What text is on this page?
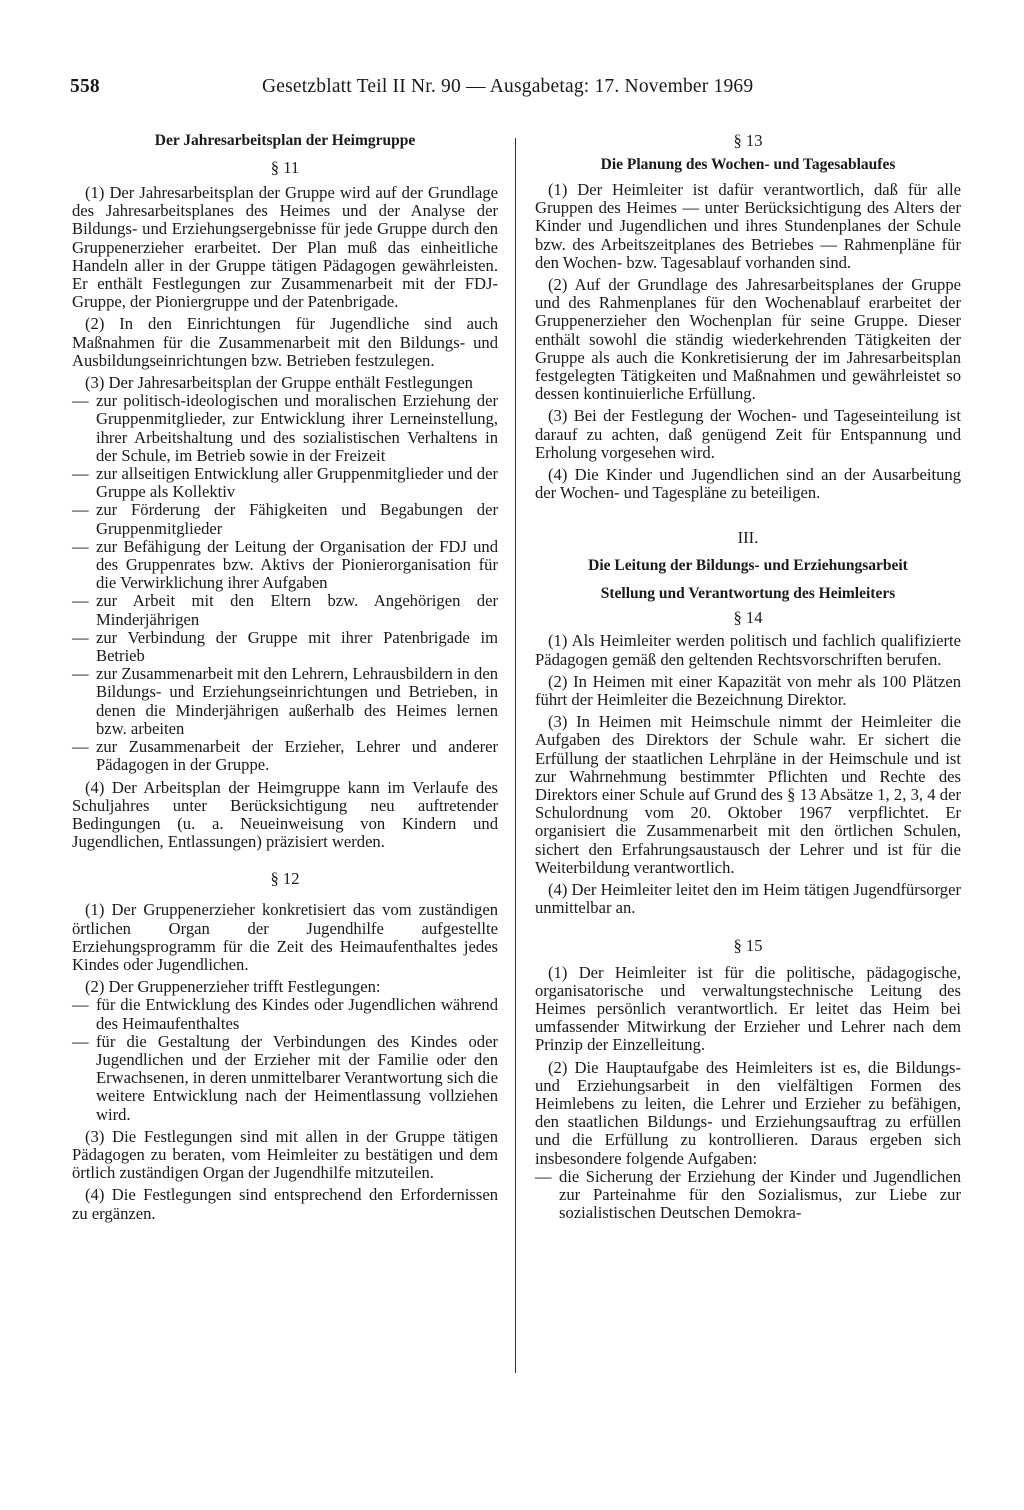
558	Gesetzblatt Teil II Nr. 90 — Ausgabetag: 17. November 1969

Der Jahresarbeitsplan der Heimgruppe

§ 11

(1) Der Jahresarbeitsplan der Gruppe wird auf der Grundlage des Jahresarbeitsplanes des Heimes und der Analyse der Bildungs- und Erziehungsergebnisse für jede Gruppe durch den Gruppenerzieher erarbeitet. Der Plan muß das einheitliche Handeln aller in der Gruppe tätigen Pädagogen gewährleisten. Er enthält Festlegungen zur Zusammenarbeit mit der FDJ-Gruppe, der Pioniergruppe und der Patenbrigade.

(2) In den Einrichtungen für Jugendliche sind auch Maßnahmen für die Zusammenarbeit mit den Bildungs- und Ausbildungseinrichtungen bzw. Betrieben festzulegen.

(3) Der Jahresarbeitsplan der Gruppe enthält Festlegungen

— zur politisch-ideologischen und moralischen Erziehung der Gruppenmitglieder, zur Entwicklung ihrer Lerneinstellung, ihrer Arbeitshaltung und des sozialistischen Verhaltens in der Schule, im Betrieb sowie in der Freizeit
— zur allseitigen Entwicklung aller Gruppenmitglieder und der Gruppe als Kollektiv
— zur Förderung der Fähigkeiten und Begabungen der Gruppenmitglieder
— zur Befähigung der Leitung der Organisation der FDJ und des Gruppenrates bzw. Aktivs der Pionierorganisation für die Verwirklichung ihrer Aufgaben
— zur Arbeit mit den Eltern bzw. Angehörigen der Minderjährigen
— zur Verbindung der Gruppe mit ihrer Patenbrigade im Betrieb
— zur Zusammenarbeit mit den Lehrern, Lehrausbildern in den Bildungs- und Erziehungseinrichtungen und Betrieben, in denen die Minderjährigen außerhalb des Heimes lernen bzw. arbeiten
— zur Zusammenarbeit der Erzieher, Lehrer und anderer Pädagogen in der Gruppe.

(4) Der Arbeitsplan der Heimgruppe kann im Verlaufe des Schuljahres unter Berücksichtigung neu auftretender Bedingungen (u. a. Neueinweisung von Kindern und Jugendlichen, Entlassungen) präzisiert werden.

§ 12

(1) Der Gruppenerzieher konkretisiert das vom zuständigen örtlichen Organ der Jugendhilfe aufgestellte Erziehungsprogramm für die Zeit des Heimaufenthaltes jedes Kindes oder Jugendlichen.

(2) Der Gruppenerzieher trifft Festlegungen:

— für die Entwicklung des Kindes oder Jugendlichen während des Heimaufenthaltes
— für die Gestaltung der Verbindungen des Kindes oder Jugendlichen und der Erzieher mit der Familie oder den Erwachsenen, in deren unmittelbarer Verantwortung sich die weitere Entwicklung nach der Heimentlassung vollziehen wird.

(3) Die Festlegungen sind mit allen in der Gruppe tätigen Pädagogen zu beraten, vom Heimleiter zu bestätigen und dem örtlich zuständigen Organ der Jugendhilfe mitzuteilen.

(4) Die Festlegungen sind entsprechend den Erfordernissen zu ergänzen.

§ 13

Die Planung des Wochen- und Tagesablaufes

(1) Der Heimleiter ist dafür verantwortlich, daß für alle Gruppen des Heimes — unter Berücksichtigung des Alters der Kinder und Jugendlichen und ihres Stundenplanes der Schule bzw. des Arbeitszeitplanes des Betriebes — Rahmenpläne für den Wochen- bzw. Tagesablauf vorhanden sind.

(2) Auf der Grundlage des Jahresarbeitsplanes der Gruppe und des Rahmenplanes für den Wochenablauf erarbeitet der Gruppenerzieher den Wochenplan für seine Gruppe. Dieser enthält sowohl die ständig wiederkehrenden Tätigkeiten der Gruppe als auch die Konkretisierung der im Jahresarbeitsplan festgelegten Tätigkeiten und Maßnahmen und gewährleistet so dessen kontinuierliche Erfüllung.

(3) Bei der Festlegung der Wochen- und Tageseinteilung ist darauf zu achten, daß genügend Zeit für Entspannung und Erholung vorgesehen wird.

(4) Die Kinder und Jugendlichen sind an der Ausarbeitung der Wochen- und Tagespläne zu beteiligen.

III.

Die Leitung der Bildungs- und Erziehungsarbeit

Stellung und Verantwortung des Heimleiters

§ 14

(1) Als Heimleiter werden politisch und fachlich qualifizierte Pädagogen gemäß den geltenden Rechtsvorschriften berufen.

(2) In Heimen mit einer Kapazität von mehr als 100 Plätzen führt der Heimleiter die Bezeichnung Direktor.

(3) In Heimen mit Heimschule nimmt der Heimleiter die Aufgaben des Direktors der Schule wahr. Er sichert die Erfüllung der staatlichen Lehrpläne in der Heimschule und ist zur Wahrnehmung bestimmter Pflichten und Rechte des Direktors einer Schule auf Grund des § 13 Absätze 1, 2, 3, 4 der Schulordnung vom 20. Oktober 1967 verpflichtet. Er organisiert die Zusammenarbeit mit den örtlichen Schulen, sichert den Erfahrungsaustausch der Lehrer und ist für die Weiterbildung verantwortlich.

(4) Der Heimleiter leitet den im Heim tätigen Jugendfürsorger unmittelbar an.

§ 15

(1) Der Heimleiter ist für die politische, pädagogische, organisatorische und verwaltungstechnische Leitung des Heimes persönlich verantwortlich. Er leitet das Heim bei umfassender Mitwirkung der Erzieher und Lehrer nach dem Prinzip der Einzelleitung.

(2) Die Hauptaufgabe des Heimleiters ist es, die Bildungs- und Erziehungsarbeit in den vielfältigen Formen des Heimlebens zu leiten, die Lehrer und Erzieher zu befähigen, den staatlichen Bildungs- und Erziehungsauftrag zu erfüllen und die Erfüllung zu kontrollieren. Daraus ergeben sich insbesondere folgende Aufgaben:

— die Sicherung der Erziehung der Kinder und Jugendlichen zur Parteinahme für den Sozialismus, zur Liebe zur sozialistischen Deutschen Demokra-
